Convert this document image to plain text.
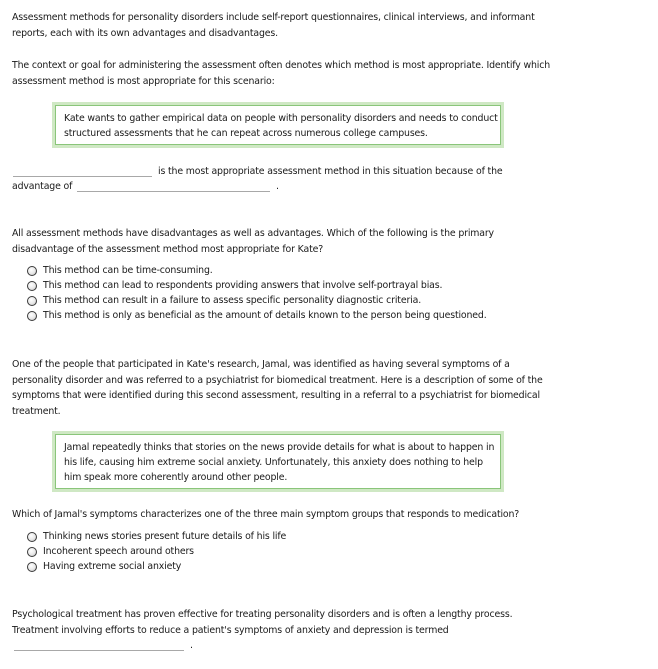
Assessment methods for personality disorders include self-report questionnaires, clinical interviews, and informant
reports, each with its own advantages and disadvantages.
The context or goal for administering the assessment often denotes which method is most appropriate. Identify which
assessment method is most appropriate for this scenario:
Kate wants to gather empirical data on people with personality disorders and needs to conduct
structured assessments that he can repeat across numerous college campuses.
is the most appropriate assessment method in this situation because of the
advantage of	.
All assessment methods have disadvantages as well as advantages. Which of the following is the primary
disadvantage of the assessment method most appropriate for Kate?
This method can be time-consuming.
This method can lead to respondents providing answers that involve self-portrayal bias.
This method can result in a failure to assess specific personality diagnostic criteria.
This method is only as beneficial as the amount of details known to the person being questioned.
One of the people that participated in Kate's research, Jamal, was identified as having several symptoms of a
personality disorder and was referred to a psychiatrist for biomedical treatment. Here is a description of some of the
symptoms that were identified during this second assessment, resulting in a referral to a psychiatrist for biomedical
treatment.
Jamal repeatedly thinks that stories on the news provide details for what is about to happen in
his life, causing him extreme social anxiety. Unfortunately, this anxiety does nothing to help
him speak more coherently around other people.
Which of Jamal's symptoms characterizes one of the three main symptom groups that responds to medication?
Thinking news stories present future details of his life
Incoherent speech around others
Having extreme social anxiety
Psychological treatment has proven effective for treating personality disorders and is often a lengthy process.
Treatment involving efforts to reduce a patient's symptoms of anxiety and depression is termed
.
